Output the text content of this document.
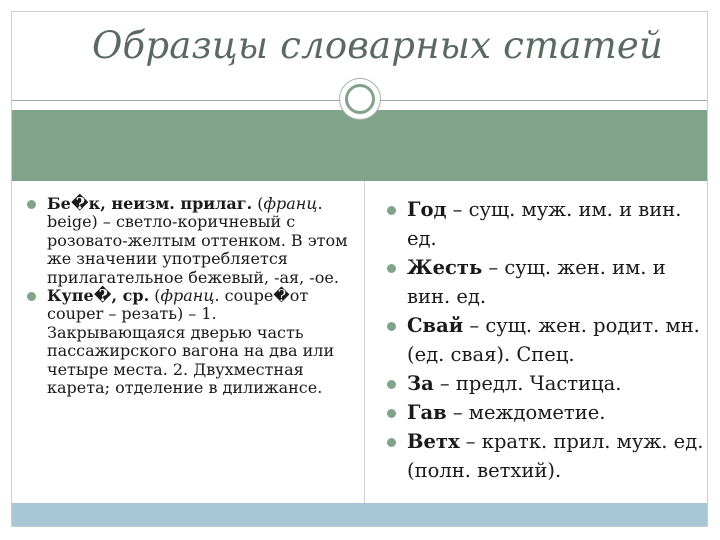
Образцы словарных статей
Бе�к, неизм. прилаг. (франц. beige) – светло-коричневый с розовато-желтым оттенком. В этом же значении употребляется прилагательное бежевый, -ая, -ое.
Купе�, ср. (франц. coupe�от couper – резать) – 1. Закрывающаяся дверью часть пассажирского вагона на два или четыре места. 2. Двухместная карета; отделение в дилижансе.
Год – сущ. муж. им. и вин. ед.
Жесть – сущ. жен. им. и вин. ед.
Свай – сущ. жен. родит. мн. (ед. свая). Спец.
За – предл. Частица.
Гав – междометие.
Ветх – кратк. прил. муж. ед. (полн. ветхий).
